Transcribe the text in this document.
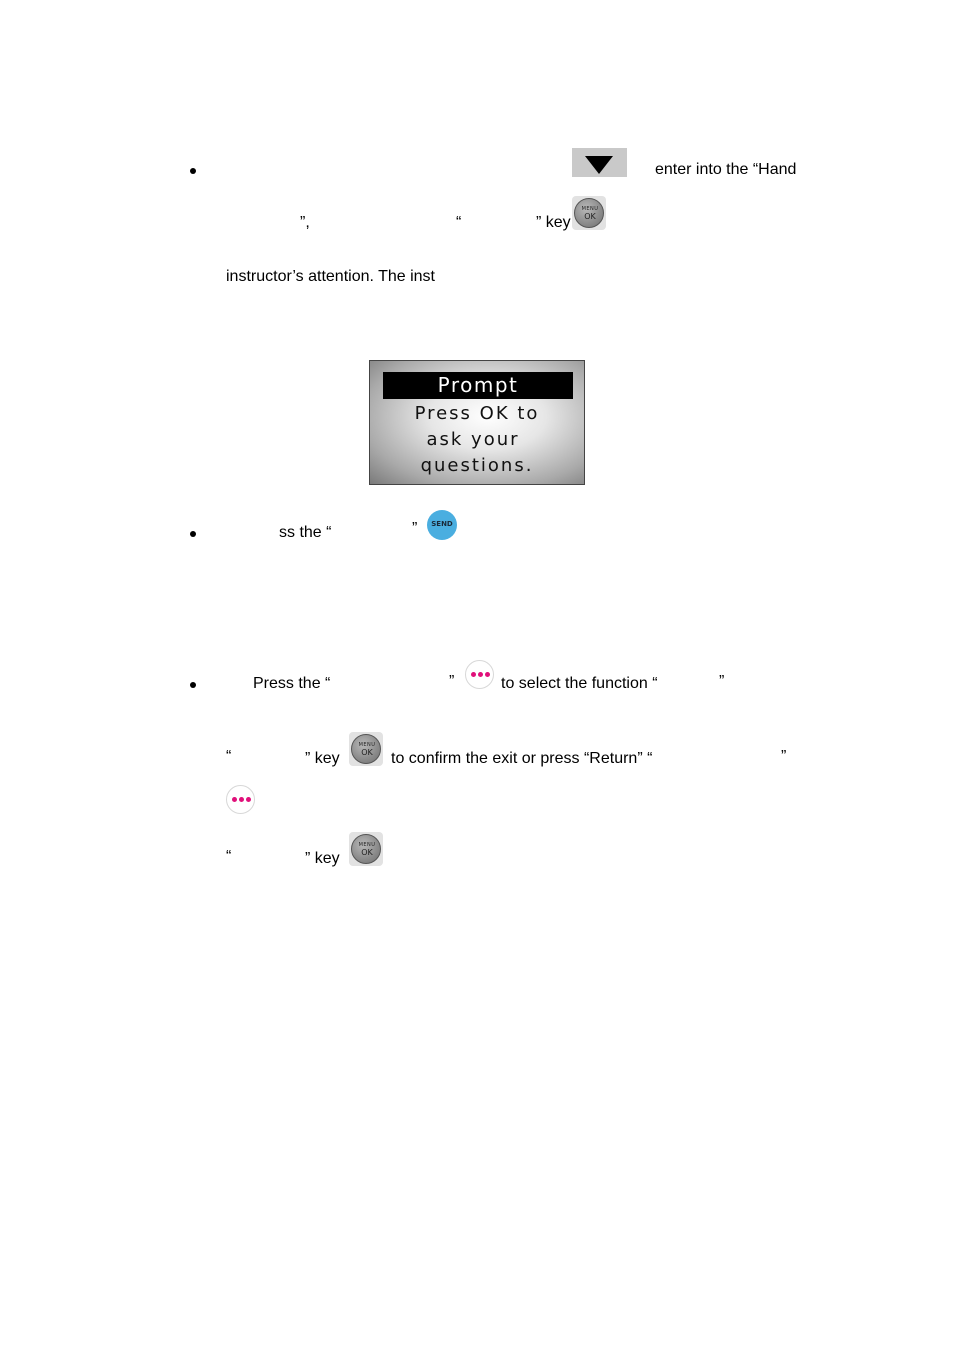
enter into the “Hand
”,	“	” key
MENU
OK
instructor’s attention. The inst
Prompt
Press OK to
ask your
questions.
ss the “	”	SEND
Press the “	”	to select the function “	”
“	” key
MENU
OK	to confirm the exit or press “Return” “	”
“	” key
MENU
OK
